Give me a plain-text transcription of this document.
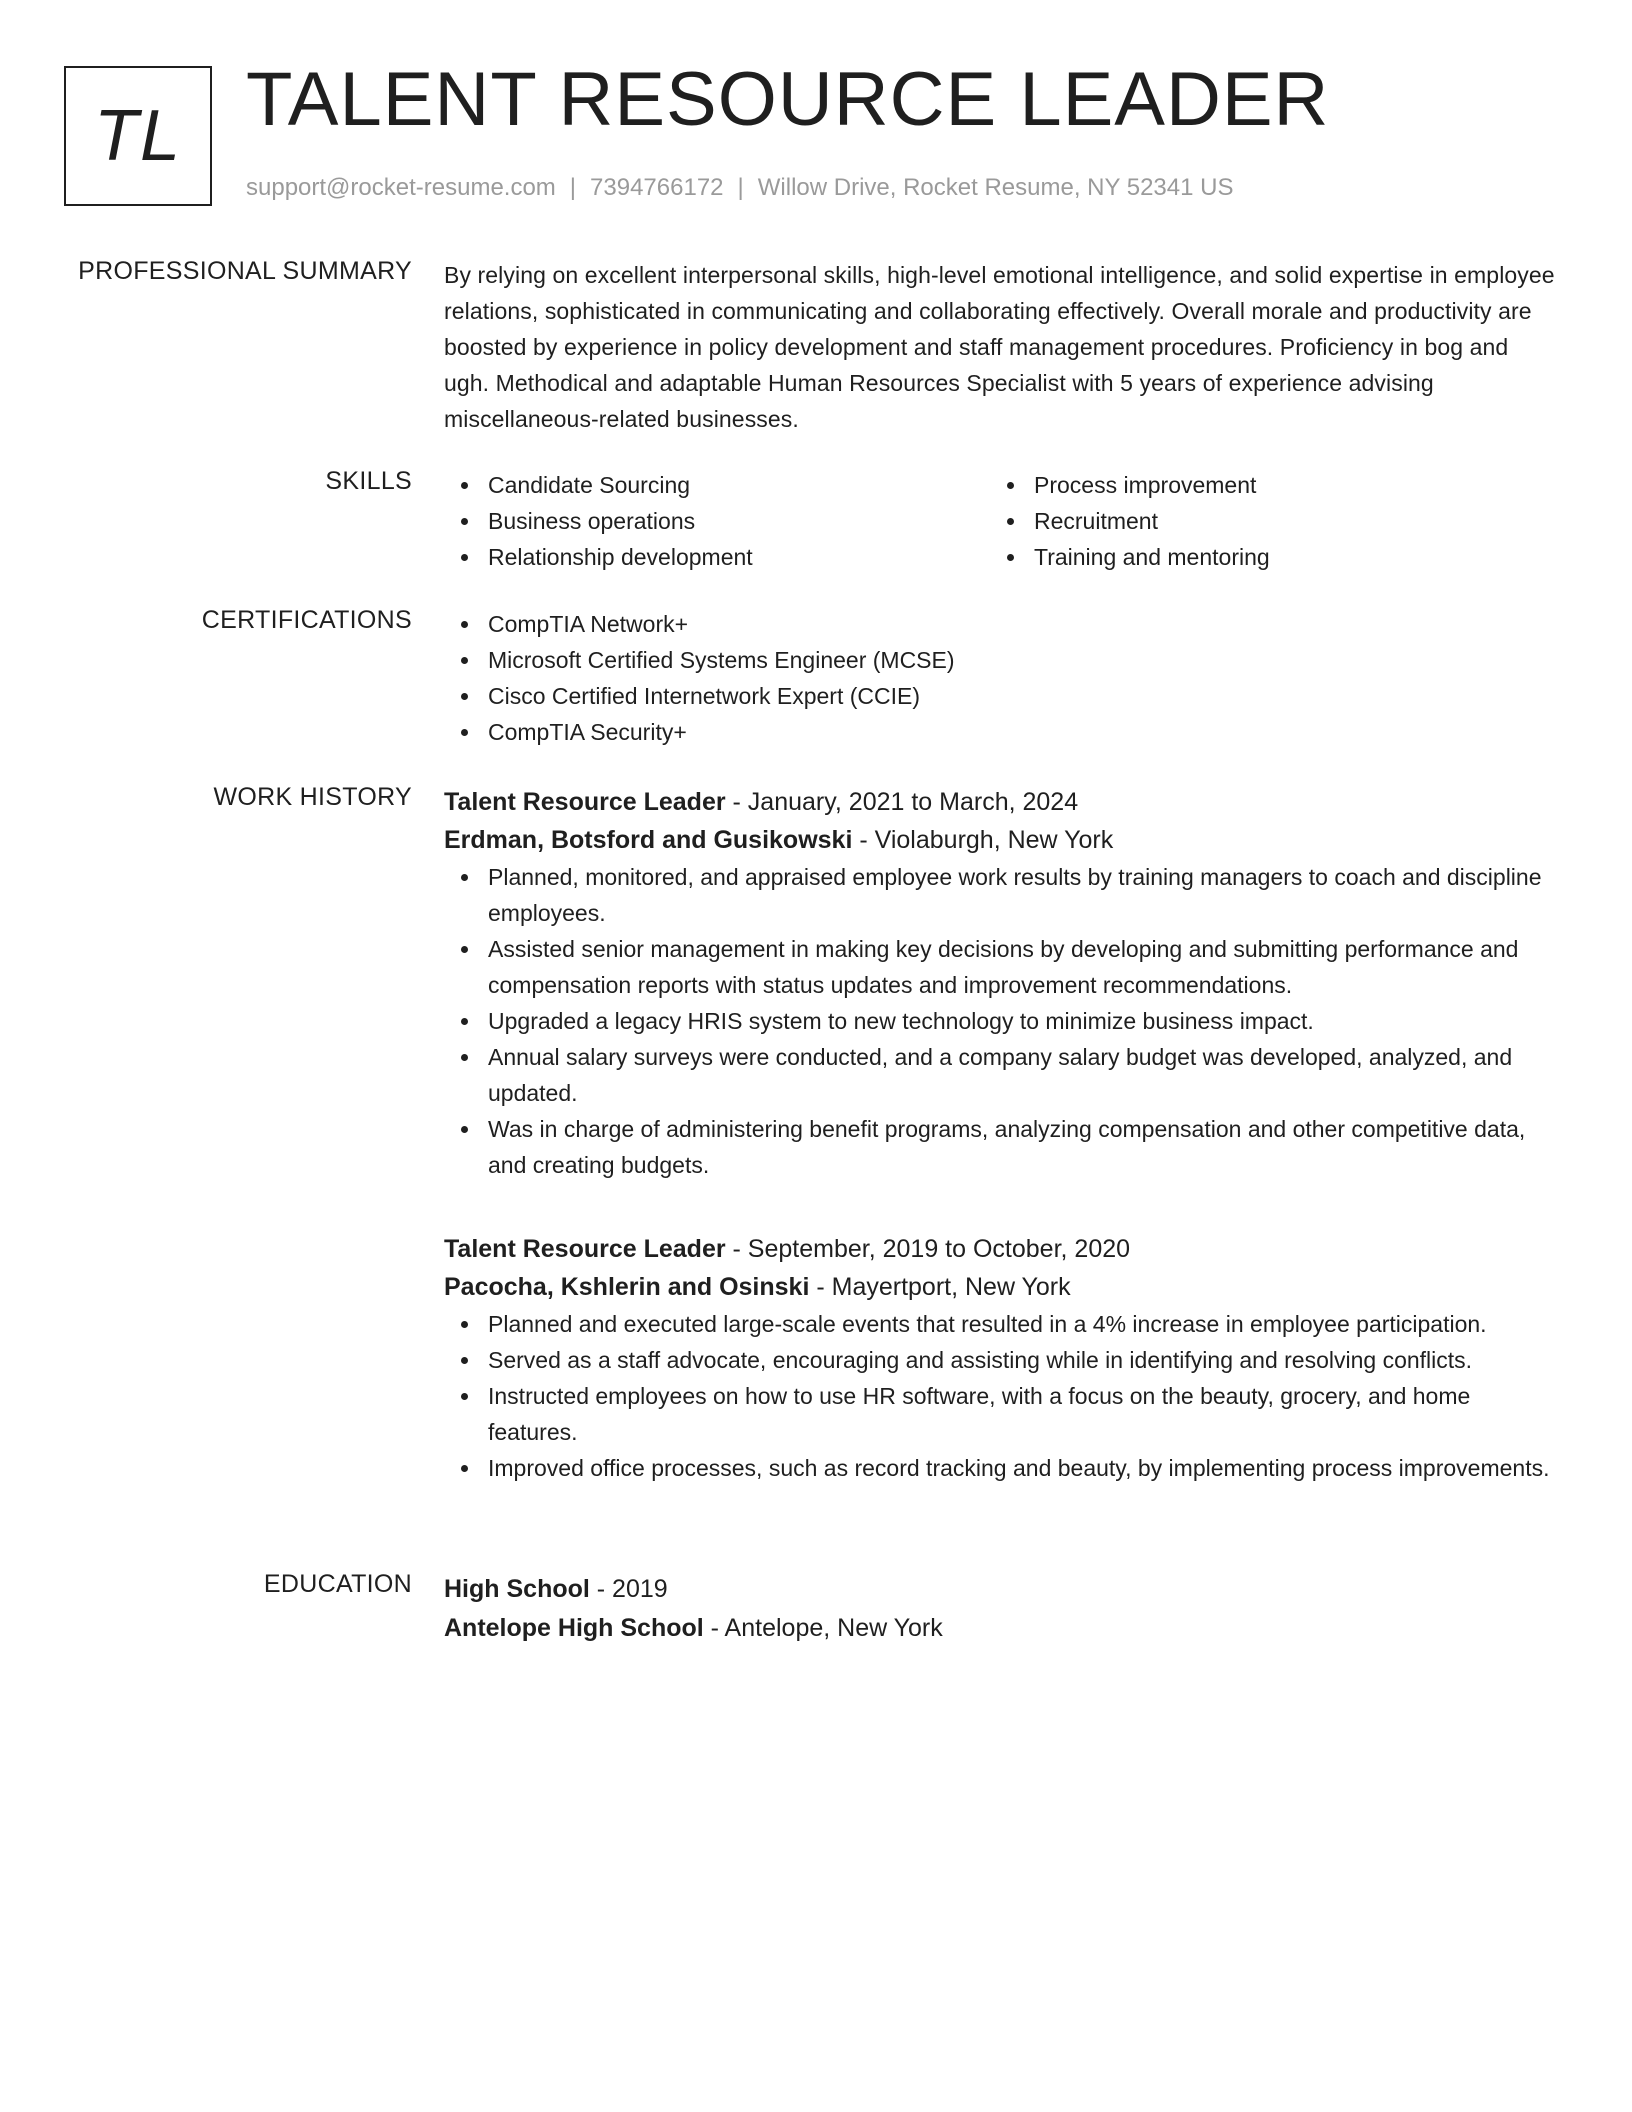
TL TALENT RESOURCE LEADER
support@rocket-resume.com | 7394766172 | Willow Drive, Rocket Resume, NY 52341 US
PROFESSIONAL SUMMARY By relying on excellent interpersonal skills, high-level emotional intelligence, and solid expertise in employee relations, sophisticated in communicating and collaborating effectively. Overall morale and productivity are boosted by experience in policy development and staff management procedures. Proficiency in bog and ugh. Methodical and adaptable Human Resources Specialist with 5 years of experience advising miscellaneous-related businesses.

SKILLS	Candidate Sourcing
Business operations
Relationship development
Process improvement
Recruitment
Training and mentoring
CERTIFICATIONS	CompTIA Network+
Microsoft Certified Systems Engineer (MCSE)
Cisco Certified Internetwork Expert (CCIE)
CompTIA Security+
WORK HISTORY Talent Resource Leader - January, 2021 to March, 2024
Erdman, Botsford and Gusikowski - Violaburgh, New York
Planned, monitored, and appraised employee work results by training managers to coach and discipline employees.
Assisted senior management in making key decisions by developing and submitting performance and compensation reports with status updates and improvement recommendations.
Upgraded a legacy HRIS system to new technology to minimize business impact.
Annual salary surveys were conducted, and a company salary budget was developed, analyzed, and updated.
Was in charge of administering benefit programs, analyzing compensation and other competitive data, and creating budgets.
Talent Resource Leader - September, 2019 to October, 2020
Pacocha, Kshlerin and Osinski - Mayertport, New York
Planned and executed large-scale events that resulted in a 4% increase in employee participation.
Served as a staff advocate, encouraging and assisting while in identifying and resolving conflicts.
Instructed employees on how to use HR software, with a focus on the beauty, grocery, and home features.
Improved office processes, such as record tracking and beauty, by implementing process improvements.
EDUCATION High School - 2019
Antelope High School - Antelope, New York
